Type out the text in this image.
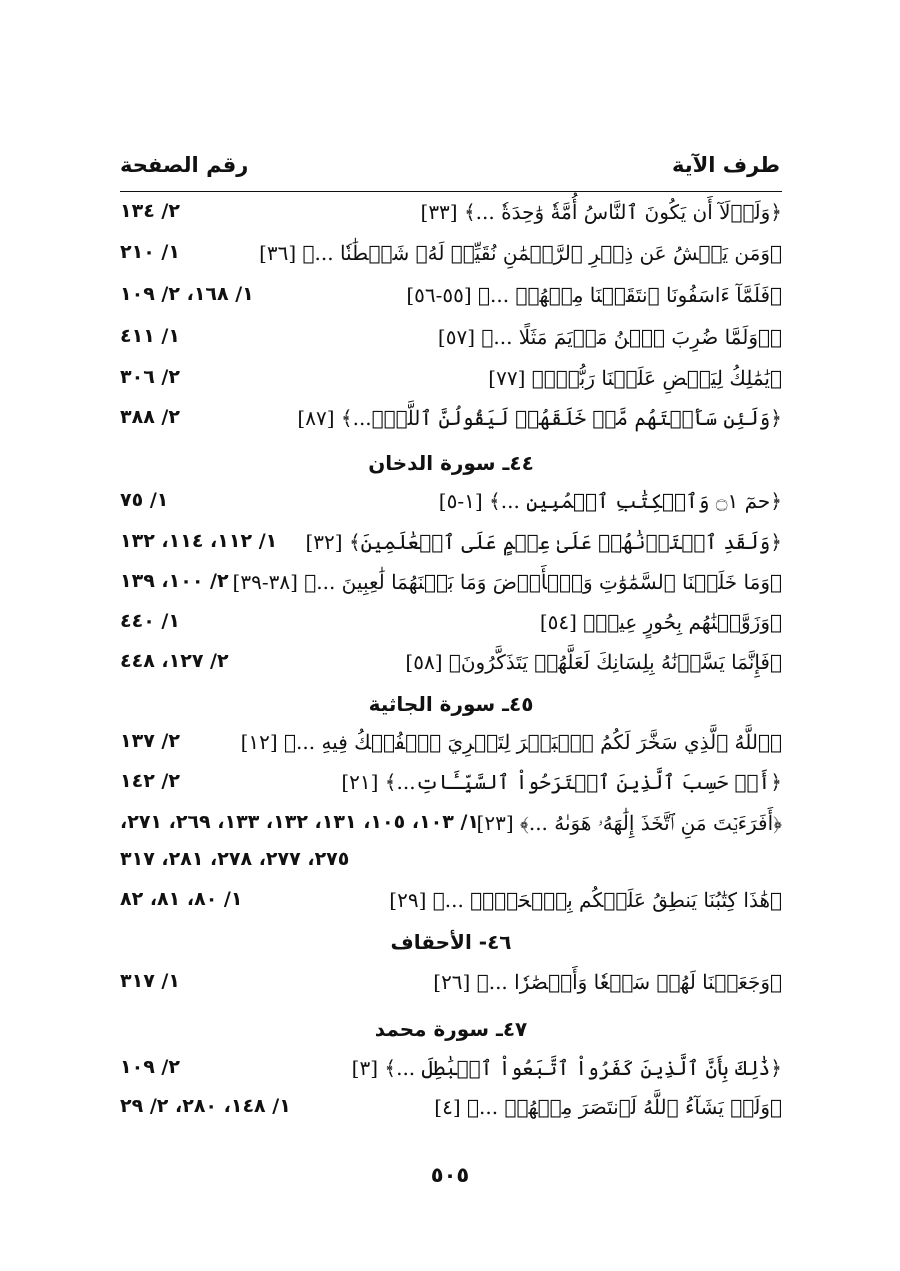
طرف الآية
رقم الصفحة
﴿وَلَوۡلَآ أَن يَكُونَ ٱلنَّاسُ أُمَّةٗ وَٰحِدَةٗ ...﴾ [٣٣]
٢/ ١٣٤
﴿وَمَن يَعۡشُ عَن ذِكۡرِ ٱلرَّحۡمَٰنِ نُقَيِّضۡ لَهُۥ شَيۡطَٰنٗا ...﴾ [٣٦]
١/ ٢١٠
﴿فَلَمَّآ ءَاسَفُونَا ٱنتَقَمۡنَا مِنۡهُمۡ ...﴾ [٥٥-٥٦]
١/ ١٦٨، ٢/ ١٠٩
﴿۞وَلَمَّا ضُرِبَ ٱبۡنُ مَرۡيَمَ مَثَلًا ...﴾ [٥٧]
١/ ٤١١
﴿يَٰمَٰلِكُ لِيَقۡضِ عَلَيۡنَا رَبُّكَۖ﴾ [٧٧]
٢/ ٣٠٦
﴿وَلَئِن سَأَلۡتَهُم مَّنۡ خَلَقَهُمۡ لَيَقُولُنَّ ٱللَّهُۖ...﴾ [٨٧]
٢/ ٣٨٨
٤٤ـ سورة الدخان
﴿حمٓ ۝١ وَٱلۡكِتَٰبِ ٱلۡمُبِينِ ...﴾ [١-٥]
١/ ٧٥
﴿وَلَقَدِ ٱخۡتَرۡنَٰهُمۡ عَلَىٰ عِلۡمٍ عَلَى ٱلۡعَٰلَمِينَ﴾ [٣٢]
١/ ١١٢، ١١٤، ١٣٢
﴿وَمَا خَلَقۡنَا ٱلسَّمَٰوَٰتِ وَٱلۡأَرۡضَ وَمَا بَيۡنَهُمَا لَٰعِبِينَ ...﴾ [٣٨-٣٩]
٢/ ١٠٠، ١٣٩
﴿وَزَوَّجۡنَٰهُم بِحُورٍ عِينٖ﴾ [٥٤]
١/ ٤٤٠
﴿فَإِنَّمَا يَسَّرۡنَٰهُ بِلِسَانِكَ لَعَلَّهُمۡ يَتَذَكَّرُونَ﴾ [٥٨]
٢/ ١٢٧، ٤٤٨
٤٥ـ سورة الجاثية
﴿ٱللَّهُ ٱلَّذِي سَخَّرَ لَكُمُ ٱلۡبَحۡرَ لِتَجۡرِيَ ٱلۡفُلۡكُ فِيهِ ...﴾ [١٢]
٢/ ١٣٧
﴿أَمۡ حَسِبَ ٱلَّذِينَ ٱجۡتَرَحُواْ ٱلسَّيِّـَٔاتِ...﴾ [٢١]
٢/ ١٤٢
﴿أَفَرَءَيۡتَ مَنِ ٱتَّخَذَ إِلَٰهَهُۥ هَوَىٰهُ ...﴾ [٢٣]
١/ ١٠٣، ١٠٥، ١٣١، ١٣٢، ١٣٣، ٢٦٩، ٢٧١،
٢٧٥، ٢٧٧، ٢٧٨، ٢٨١، ٣١٧
﴿هَٰذَا كِتَٰبُنَا يَنطِقُ عَلَيۡكُم بِٱلۡحَقِّۚ ...﴾ [٢٩]
١/ ٨٠، ٨١، ٨٢
٤٦- الأحقاف
﴿وَجَعَلۡنَا لَهُمۡ سَمۡعٗا وَأَبۡصَٰرٗا ...﴾ [٢٦]
١/ ٣١٧
٤٧ـ سورة محمد
﴿ذَٰلِكَ بِأَنَّ ٱلَّذِينَ كَفَرُواْ ٱتَّبَعُواْ ٱلۡبَٰطِلَ ...﴾ [٣]
٢/ ١٠٩
﴿وَلَوۡ يَشَآءُ ٱللَّهُ لَٱنتَصَرَ مِنۡهُمۡ ...﴾ [٤]
١/ ١٤٨، ٢٨٠، ٢/ ٢٩
٥٠٥
